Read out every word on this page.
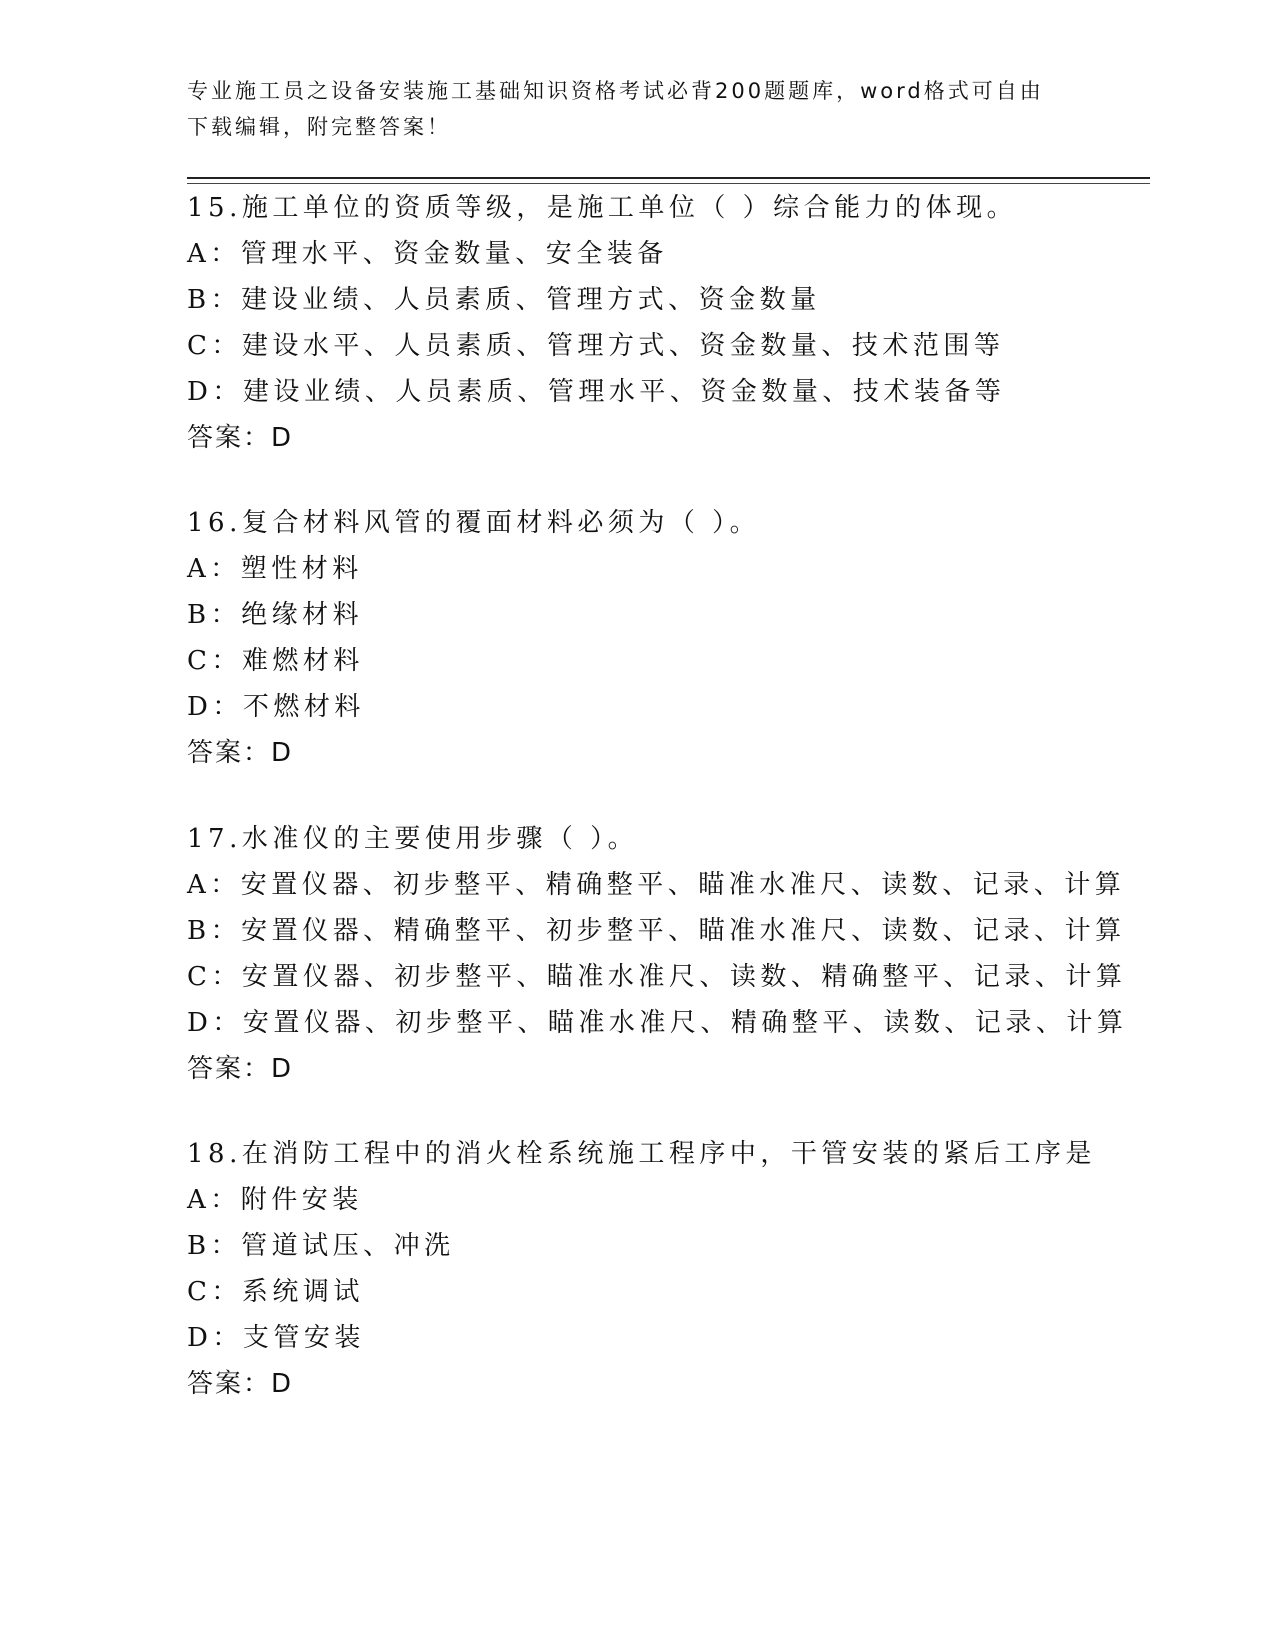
专业施工员之设备安装施工基础知识资格考试必背200题题库，word格式可自由
下载编辑，附完整答案！
15.施工单位的资质等级，是施工单位（ ）综合能力的体现。
A：管理水平、资金数量、安全装备
B：建设业绩、人员素质、管理方式、资金数量
C：建设水平、人员素质、管理方式、资金数量、技术范围等
D：建设业绩、人员素质、管理水平、资金数量、技术装备等
答案：D
16.复合材料风管的覆面材料必须为（ ）。
A：塑性材料
B：绝缘材料
C：难燃材料
D：不燃材料
答案：D
17.水准仪的主要使用步骤（ ）。
A：安置仪器、初步整平、精确整平、瞄准水准尺、读数、记录、计算
B：安置仪器、精确整平、初步整平、瞄准水准尺、读数、记录、计算
C：安置仪器、初步整平、瞄准水准尺、读数、精确整平、记录、计算
D：安置仪器、初步整平、瞄准水准尺、精确整平、读数、记录、计算
答案：D
18.在消防工程中的消火栓系统施工程序中，干管安装的紧后工序是
A：附件安装
B：管道试压、冲洗
C：系统调试
D：支管安装
答案：D
